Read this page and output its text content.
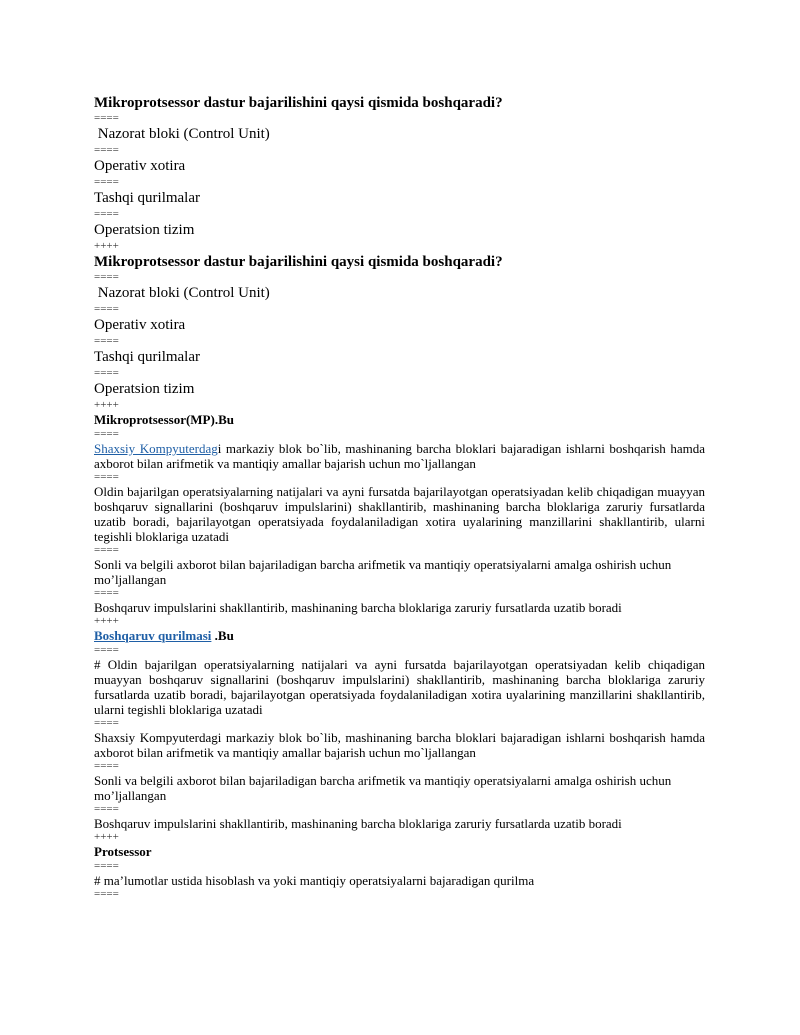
Mikroprotsessor dastur bajarilishini qaysi qismida boshqaradi?
====
Nazorat bloki (Control Unit)
====
Operativ xotira
====
Tashqi qurilmalar
====
Operatsion tizim
++++
Mikroprotsessor dastur bajarilishini qaysi qismida boshqaradi?
====
Nazorat bloki (Control Unit)
====
Operativ xotira
====
Tashqi qurilmalar
====
Operatsion tizim
++++
Mikroprotsessor(MP).Bu
====
Shaxsiy Kompyuterdagi markaziy blok bo`lib, mashinaning barcha bloklari bajaradigan ishlarni boshqarish hamda axborot bilan arifmetik va mantiqiy amallar bajarish uchun mo`ljallangan
====
Oldin bajarilgan operatsiyalarning natijalari va ayni fursatda bajarilayotgan operatsiyadan kelib chiqadigan muayyan boshqaruv signallarini (boshqaruv impulslarini) shakllantirib, mashinaning barcha bloklariga zaruriy fursatlarda uzatib boradi, bajarilayotgan operatsiyada foydalaniladigan xotira uyalarining manzillarini shakllantirib, ularni tegishli bloklariga uzatadi
====
Sonli va belgili axborot bilan bajariladigan barcha arifmetik va mantiqiy operatsiyalarni amalga oshirish uchun mo’ljallangan
====
Boshqaruv impulslarini shakllantirib, mashinaning barcha bloklariga zaruriy fursatlarda uzatib boradi
++++
Boshqaruv qurilmasi .Bu
====
# Oldin bajarilgan operatsiyalarning natijalari va ayni fursatda bajarilayotgan operatsiyadan kelib chiqadigan muayyan boshqaruv signallarini (boshqaruv impulslarini) shakllantirib, mashinaning barcha bloklariga zaruriy fursatlarda uzatib boradi, bajarilayotgan operatsiyada foydalaniladigan xotira uyalarining manzillarini shakllantirib, ularni tegishli bloklariga uzatadi
====
Shaxsiy Kompyuterdagi markaziy blok bo`lib, mashinaning barcha bloklari bajaradigan ishlarni boshqarish hamda axborot bilan arifmetik va mantiqiy amallar bajarish uchun mo`ljallangan
====
Sonli va belgili axborot bilan bajariladigan barcha arifmetik va mantiqiy operatsiyalarni amalga oshirish uchun mo’ljallangan
====
Boshqaruv impulslarini shakllantirib, mashinaning barcha bloklariga zaruriy fursatlarda uzatib boradi
++++
Protsessor
====
# ma’lumotlar ustida hisoblash va yoki mantiqiy operatsiyalarni bajaradigan qurilma
====
